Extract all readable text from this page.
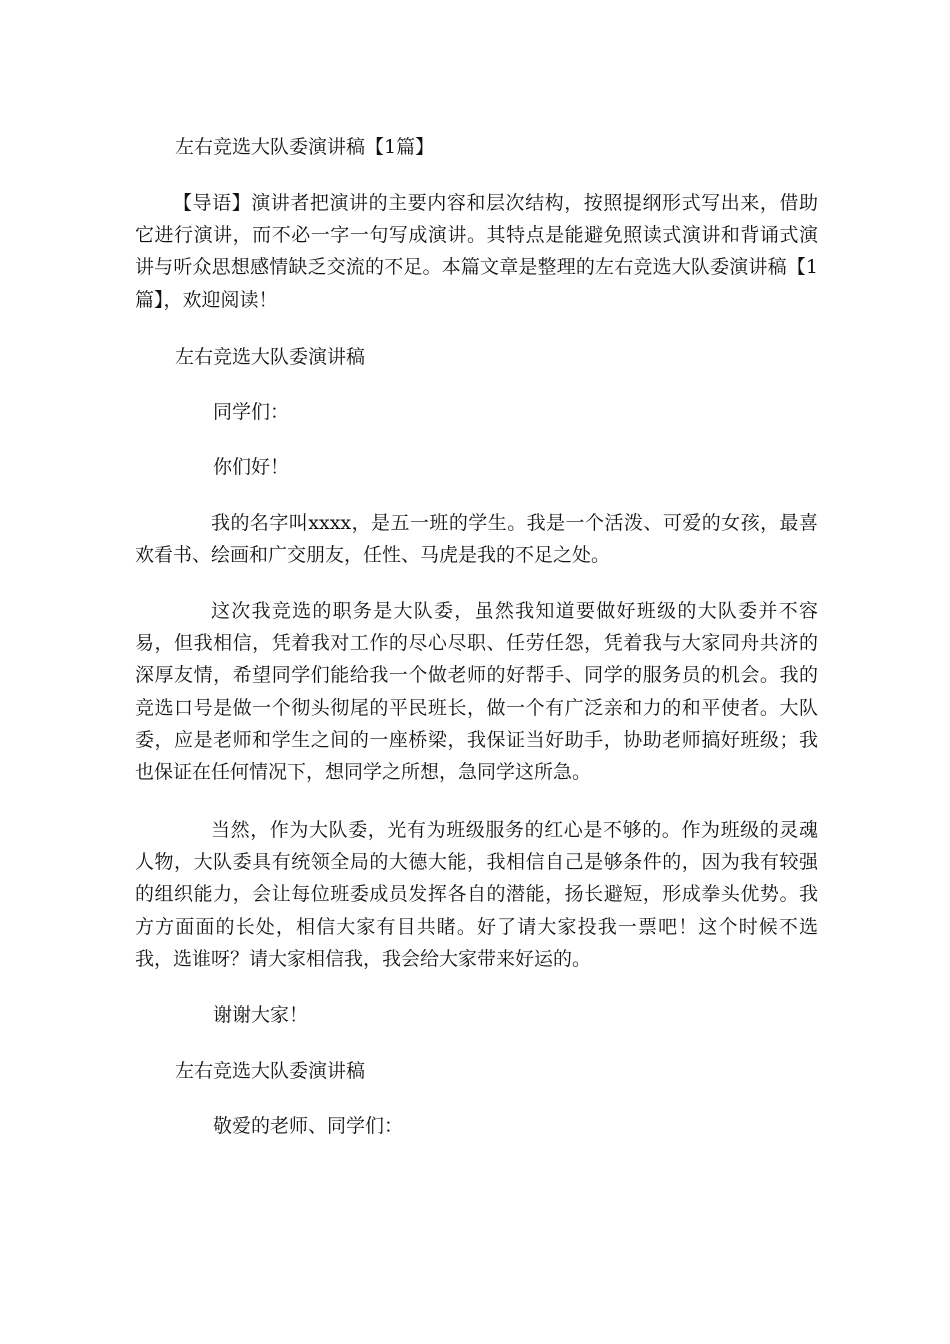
左右竞选大队委演讲稿【1篇】
【导语】演讲者把演讲的主要内容和层次结构，按照提纲形式写出来，借助它进行演讲，而不必一字一句写成演讲。其特点是能避免照读式演讲和背诵式演讲与听众思想感情缺乏交流的不足。本篇文章是整理的左右竞选大队委演讲稿【1篇】，欢迎阅读！
左右竞选大队委演讲稿
同学们：
你们好！
我的名字叫xxxx，是五一班的学生。我是一个活泼、可爱的女孩，最喜欢看书、绘画和广交朋友，任性、马虎是我的不足之处。
这次我竞选的职务是大队委，虽然我知道要做好班级的大队委并不容易，但我相信，凭着我对工作的尽心尽职、任劳任怨，凭着我与大家同舟共济的深厚友情，希望同学们能给我一个做老师的好帮手、同学的服务员的机会。我的竞选口号是做一个彻头彻尾的平民班长，做一个有广泛亲和力的和平使者。大队委，应是老师和学生之间的一座桥梁，我保证当好助手，协助老师搞好班级；我也保证在任何情况下，想同学之所想，急同学这所急。
当然，作为大队委，光有为班级服务的红心是不够的。作为班级的灵魂人物，大队委具有统领全局的大德大能，我相信自己是够条件的，因为我有较强的组织能力，会让每位班委成员发挥各自的潜能，扬长避短，形成拳头优势。我方方面面的长处，相信大家有目共睹。好了请大家投我一票吧！这个时候不选我，选谁呀？请大家相信我，我会给大家带来好运的。
谢谢大家！
左右竞选大队委演讲稿
敬爱的老师、同学们：
